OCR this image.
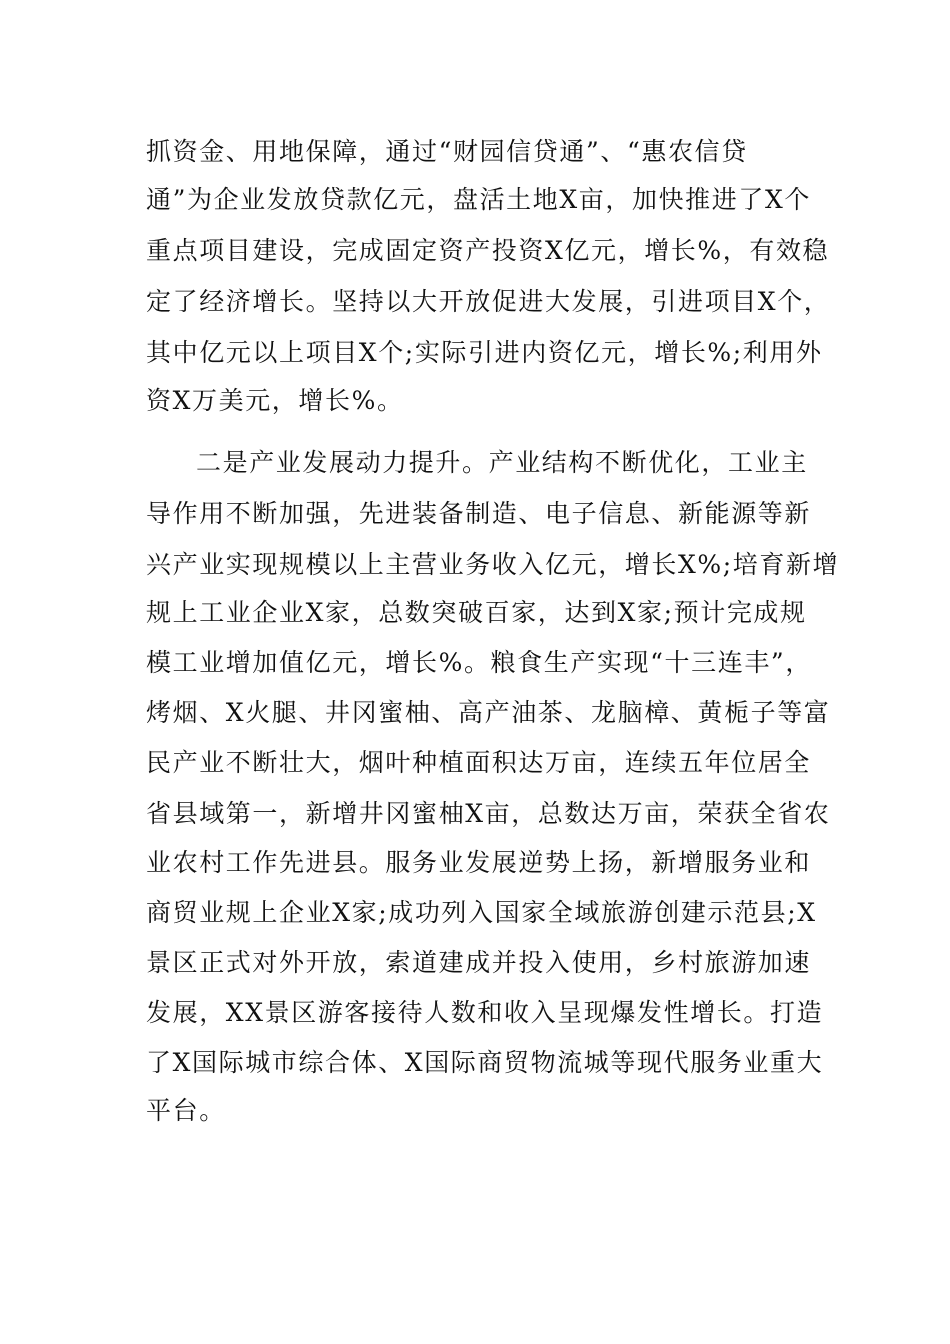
抓资金、用地保障，通过“财园信贷通”、“惠农信贷

通”为企业发放贷款亿元，盘活土地X亩，加快推进了X个

重点项目建设，完成固定资产投资X亿元，增长%，有效稳

定了经济增长。坚持以大开放促进大发展，引进项目X个，

其中亿元以上项目X个;实际引进内资亿元，增长%;利用外

资X万美元，增长%。

二是产业发展动力提升。产业结构不断优化，工业主

导作用不断加强，先进装备制造、电子信息、新能源等新

兴产业实现规模以上主营业务收入亿元，增长X%;培育新增

规上工业企业X家，总数突破百家，达到X家;预计完成规

模工业增加值亿元，增长%。粮食生产实现“十三连丰”，

烤烟、X火腿、井冈蜜柚、高产油茶、龙脑樟、黄栀子等富

民产业不断壮大，烟叶种植面积达万亩，连续五年位居全

省县域第一，新增井冈蜜柚X亩，总数达万亩，荣获全省农

业农村工作先进县。服务业发展逆势上扬，新增服务业和

商贸业规上企业X家;成功列入国家全域旅游创建示范县;X

景区正式对外开放，索道建成并投入使用，乡村旅游加速

发展，XX景区游客接待人数和收入呈现爆发性增长。打造

了X国际城市综合体、X国际商贸物流城等现代服务业重大

平台。
